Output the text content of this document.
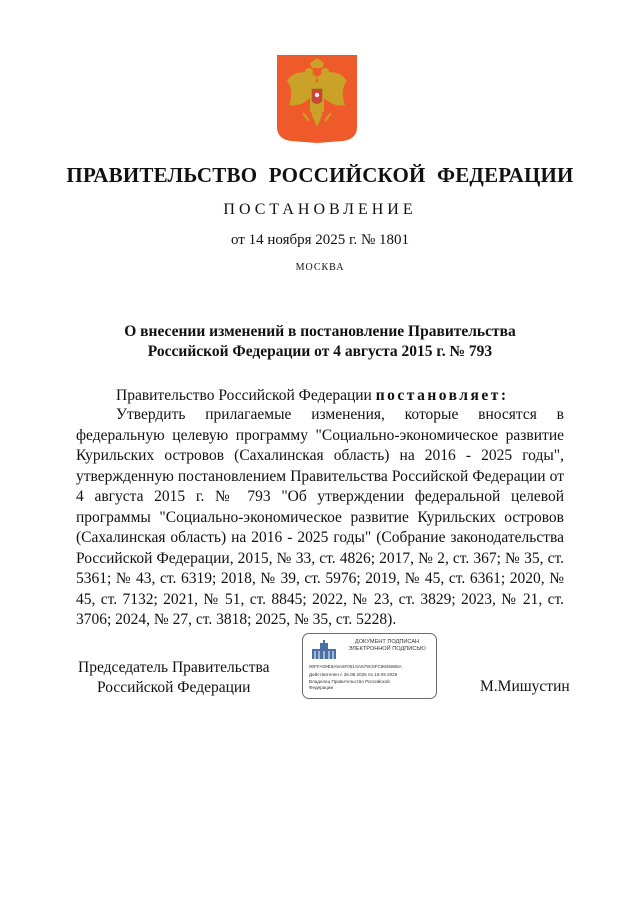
ПРАВИТЕЛЬСТВО РОССИЙСКОЙ ФЕДЕРАЦИИ
ПОСТАНОВЛЕНИЕ
от 14 ноября 2025 г. № 1801
МОСКВА
О внесении изменений в постановление Правительства
Российской Федерации от 4 августа 2015 г. № 793
Правительство Российской Федерации постановляет:

Утвердить прилагаемые изменения, которые вносятся в федеральную целевую программу "Социально-экономическое развитие Курильских островов (Сахалинская область) на 2016 - 2025 годы", утвержденную постановлением Правительства Российской Федерации от 4 августа 2015 г. № 793 "Об утверждении федеральной целевой программы "Социально-экономическое развитие Курильских островов (Сахалинская область) на 2016 - 2025 годы" (Собрание законодательства Российской Федерации, 2015, № 33, ст. 4826; 2017, № 2, ст. 367; № 35, ст. 5361; № 43, ст. 6319; 2018, № 39, ст. 5976; 2019, № 45, ст. 6361; 2020, № 45, ст. 7132; 2021, № 51, ст. 8845; 2022, № 23, ст. 3829; 2023, № 21, ст. 3706; 2024, № 27, ст. 3818; 2025, № 35, ст. 5228).

Председатель Правительства
Российской Федерации
ДОКУМЕНТ ПОДПИСАН
ЭЛЕКТРОННОЙ ПОДПИСЬЮ
00FFA09E8A5A6F061SA579C5FC9825885A
Действителен с 26.06.2025 по 19.09.2026
Владелец Правительство Российской
Федерации	М.Мишустин
